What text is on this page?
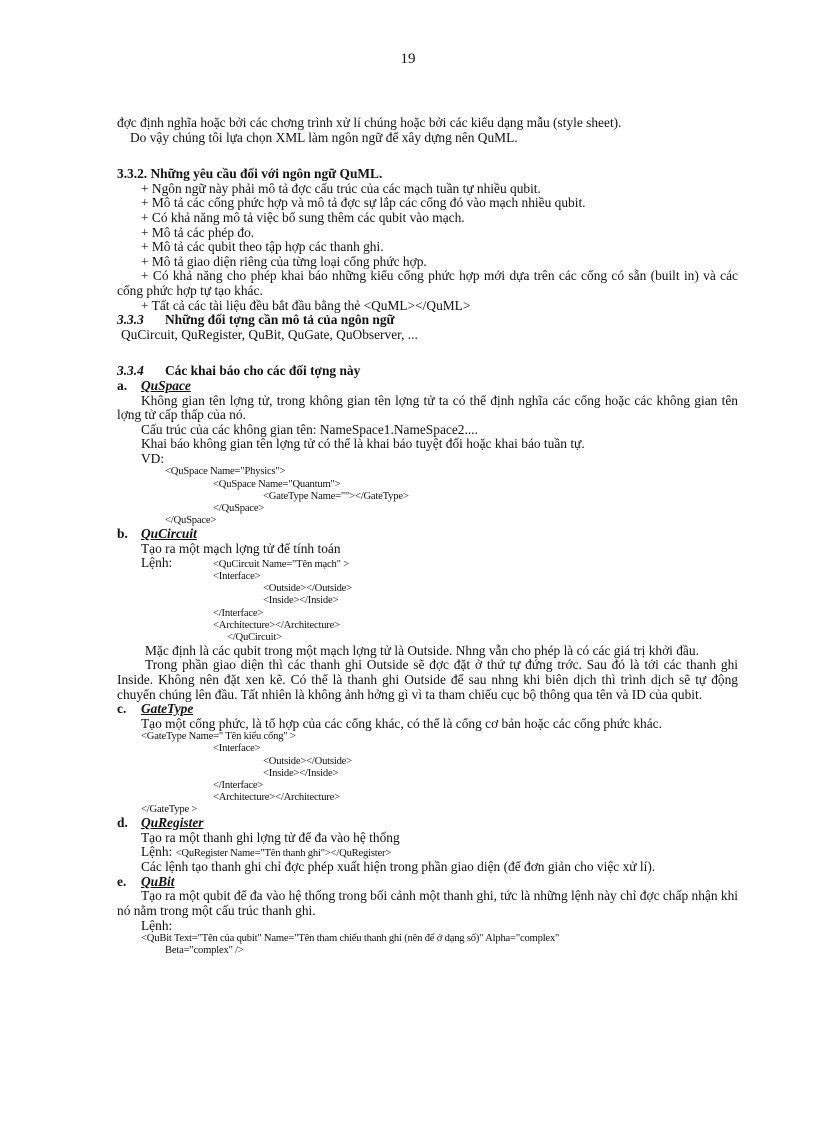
19

đợc định nghĩa hoặc bởi các chơng trình xử lí chúng hoặc bởi các kiểu dạng mẫu (style sheet).

Do vậy chúng tôi lựa chọn XML làm ngôn ngữ để xây dựng nên QuML.

3.3.2. Những yêu cầu đối với ngôn ngữ QuML.

+ Ngôn ngữ này phải mô tả đợc cấu trúc của các mạch tuần tự nhiều qubit.

+ Mô tả các cổng phức hợp và mô tả đợc sự lắp các cổng đó vào mạch nhiều qubit.

+ Có khả năng mô tả việc bổ sung thêm các qubit vào mạch.

+ Mô tả các phép đo.

+ Mô tả các qubit theo tập hợp các thanh ghi.

+ Mô tả giao diện riêng của từng loại cổng phức hợp.

+ Có khả năng cho phép khai báo những kiểu cổng phức hợp mới dựa trên các cổng có sẵn (built in) và các cổng phức hợp tự tạo khác.

+ Tất cả các tài liệu đều bắt đầu bằng thẻ <QuML></QuML>

3.3.3 Những đối tợng cần mô tả của ngôn ngữ

QuCircuit, QuRegister, QuBit, QuGate, QuObserver, ...

3.3.4 Các khai báo cho các đối tợng này

a. QuSpace

Không gian tên lợng tử, trong không gian tên lợng tử ta có thể định nghĩa các cổng hoặc các không gian tên lợng tử cấp thấp của nó.

Cấu trúc của các không gian tên: NameSpace1.NameSpace2....

Khai báo không gian tên lợng tử có thể là khai báo tuyệt đối hoặc khai báo tuần tự.

VD:

<QuSpace Name="Physics">

<QuSpace Name="Quantum">

<GateType Name=""></GateType>

</QuSpace>

</QuSpace>

b. QuCircuit

Tạo ra một mạch lợng tử để tính toán

Lệnh:	<QuCircuit Name="Tên mạch" >

<Interface>

<Outside></Outside>

<Inside></Inside>

</Interface>

<Architecture></Architecture>

</QuCircuit>

Mặc định là các qubit trong một mạch lợng tử là Outside. Nhng vẫn cho phép là có các giá trị khởi đầu.

Trong phần giao diện thì các thanh ghi Outside sẽ đợc đặt ở thứ tự đứng trớc. Sau đó là tới các thanh ghi Inside. Không nên đặt xen kẽ. Có thể là thanh ghi Outside để sau nhng khi biên dịch thì trình dịch sẽ tự động chuyển chúng lên đầu. Tất nhiên là không ảnh hởng gì vì ta tham chiếu cục bộ thông qua tên và ID của qubit.

c. GateType

Tạo một cổng phức, là tổ hợp của các cổng khác, có thể là cổng cơ bản hoặc các cổng phức khác.

<GateType Name=" Tên kiểu cổng" >

<Interface>

<Outside></Outside>

<Inside></Inside>

</Interface>

<Architecture></Architecture>

</GateType >

d. QuRegister

Tạo ra một thanh ghi lợng tử để đa vào hệ thống

Lệnh: <QuRegister Name="Tên thanh ghi"></QuRegister>

Các lệnh tạo thanh ghi chỉ đợc phép xuất hiện trong phần giao diện (để đơn giản cho việc xử lí).

e. QuBit

Tạo ra một qubit để đa vào hệ thống trong bối cảnh một thanh ghi, tức là những lệnh này chỉ đợc chấp nhận khi nó nằm trong một cấu trúc thanh ghi.

Lệnh:

<QuBit Text="Tên của qubit" Name="Tên tham chiếu thanh ghi (nên để ở dạng số)" Alpha="complex"

Beta="complex" />
